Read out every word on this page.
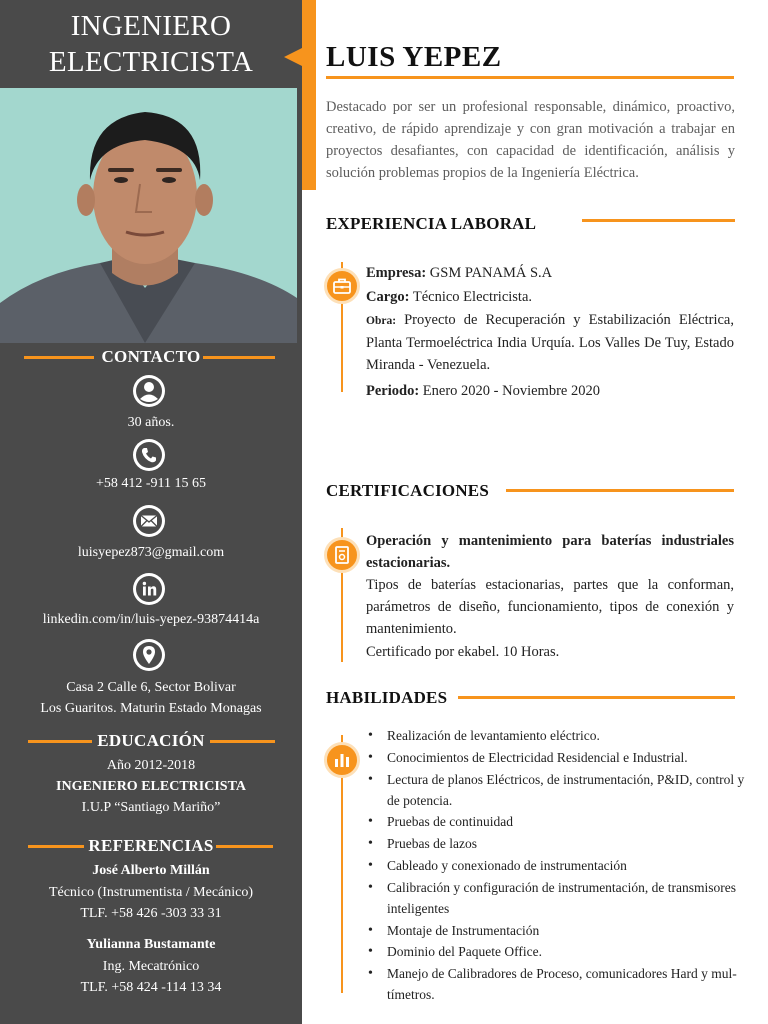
INGENIERO
ELECTRICISTA
CONTACTO
30 años.
+58 412 -911 15 65
luisyepez873@gmail.com
linkedin.com/in/luis-yepez-93874414a
Casa 2 Calle 6, Sector Bolivar
Los Guaritos. Maturin Estado Monagas
EDUCACIÓN
Año 2012-2018
INGENIERO ELECTRICISTA
I.U.P “Santiago Mariño”
REFERENCIAS
José Alberto Millán
Técnico (Instrumentista / Mecánico)
TLF. +58 426 -303 33 31
Yulianna Bustamante
Ing. Mecatrónico
TLF. +58 424 -114 13 34
LUIS YEPEZ
Destacado por ser un profesional responsable, dinámico, proactivo, creativo, de rápido aprendizaje y con gran motivación a trabajar en proyectos desafiantes, con capacidad de identificación, análisis y solución problemas propios de la Ingeniería Eléctrica.
EXPERIENCIA LABORAL
Empresa: GSM PANAMÁ S.A
Cargo: Técnico Electricista.
Obra: Proyecto de Recuperación y Estabilización Eléctrica, Planta Termoeléctrica India Urquía. Los Valles De Tuy, Estado Miranda - Venezuela.
Periodo: Enero 2020 - Noviembre 2020
CERTIFICACIONES
Operación y mantenimiento para baterías industriales estacionarias.
Tipos de baterías estacionarias, partes que la conforman, parámetros de diseño, funcionamiento, tipos de conexión y mantenimiento.
Certificado por ekabel. 10 Horas.
HABILIDADES
• Realización de levantamiento eléctrico.
• Conocimientos de Electricidad Residencial e Industrial.
• Lectura de planos Eléctricos, de instrumentación, P&ID, control y de potencia.
• Pruebas de continuidad
• Pruebas de lazos
• Cableado y conexionado de instrumentación
• Calibración y configuración de instrumentación, de transmisores inteligentes
• Montaje de Instrumentación
• Dominio del Paquete Office.
• Manejo de Calibradores de Proceso, comunicadores Hard y mul-tímetros.
